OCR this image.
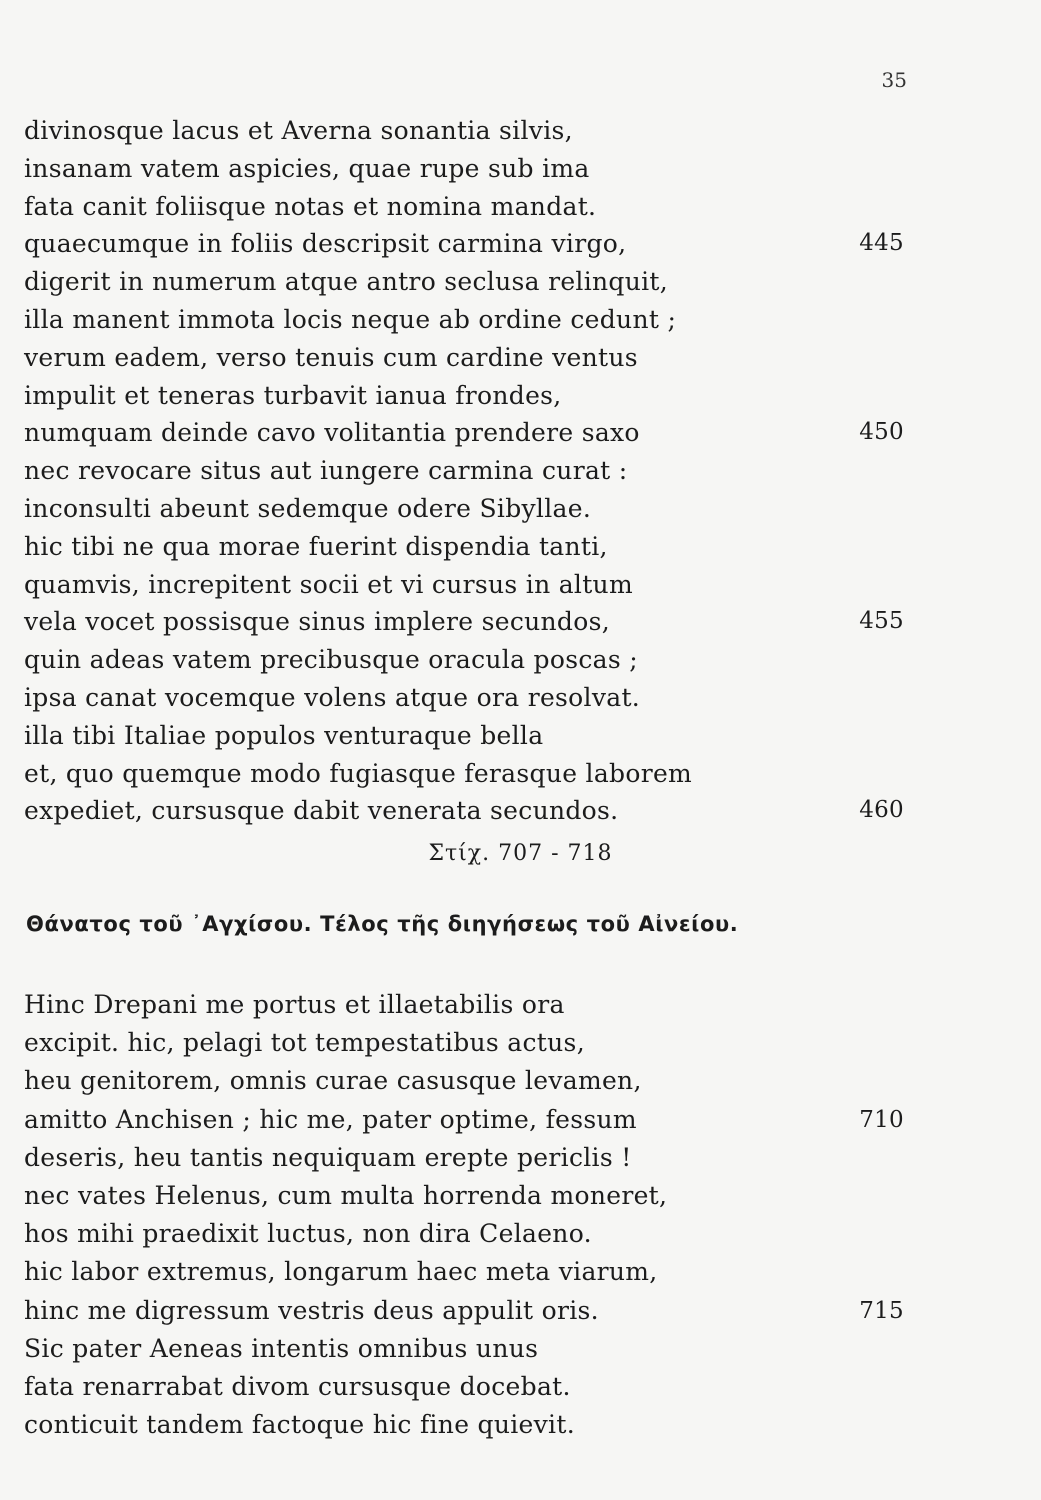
35
divinosque lacus et Averna sonantia silvis,
insanam vatem aspicies, quae rupe sub ima
fata canit foliisque notas et nomina mandat.
quaecumque in foliis descripsit carmina virgo,	445
digerit in numerum atque antro seclusa relinquit,
illa manent immota locis neque ab ordine cedunt ;
verum eadem, verso tenuis cum cardine ventus
impulit et teneras turbavit ianua frondes,
numquam deinde cavo volitantia prendere saxo	450
nec revocare situs aut iungere carmina curat :
inconsulti abeunt sedemque odere Sibyllae.
hic tibi ne qua morae fuerint dispendia tanti,
quamvis, increpitent socii et vi cursus in altum
vela vocet possisque sinus implere secundos,	455
quin adeas vatem precibusque oracula poscas ;
ipsa canat vocemque volens atque ora resolvat.
illa tibi Italiae populos venturaque bella
et, quo quemque modo fugiasque ferasque laborem
expediet, cursusque dabit venerata secundos.	460
Στίχ. 707 - 718
Θάνατος τοῦ ᾿Αγχίσου. Τέλος τῆς διηγήσεως τοῦ Αἰνείου.
Hinc Drepani me portus et illaetabilis ora
excipit. hic, pelagi tot tempestatibus actus,
heu genitorem, omnis curae casusque levamen,
amitto Anchisen ; hic me, pater optime, fessum	710
deseris, heu tantis nequiquam erepte periclis !
nec vates Helenus, cum multa horrenda moneret,
hos mihi praedixit luctus, non dira Celaeno.
hic labor extremus, longarum haec meta viarum,
hinc me digressum vestris deus appulit oris.	715
Sic pater Aeneas intentis omnibus unus
fata renarrabat divom cursusque docebat.
conticuit tandem factoque hic fine quievit.
